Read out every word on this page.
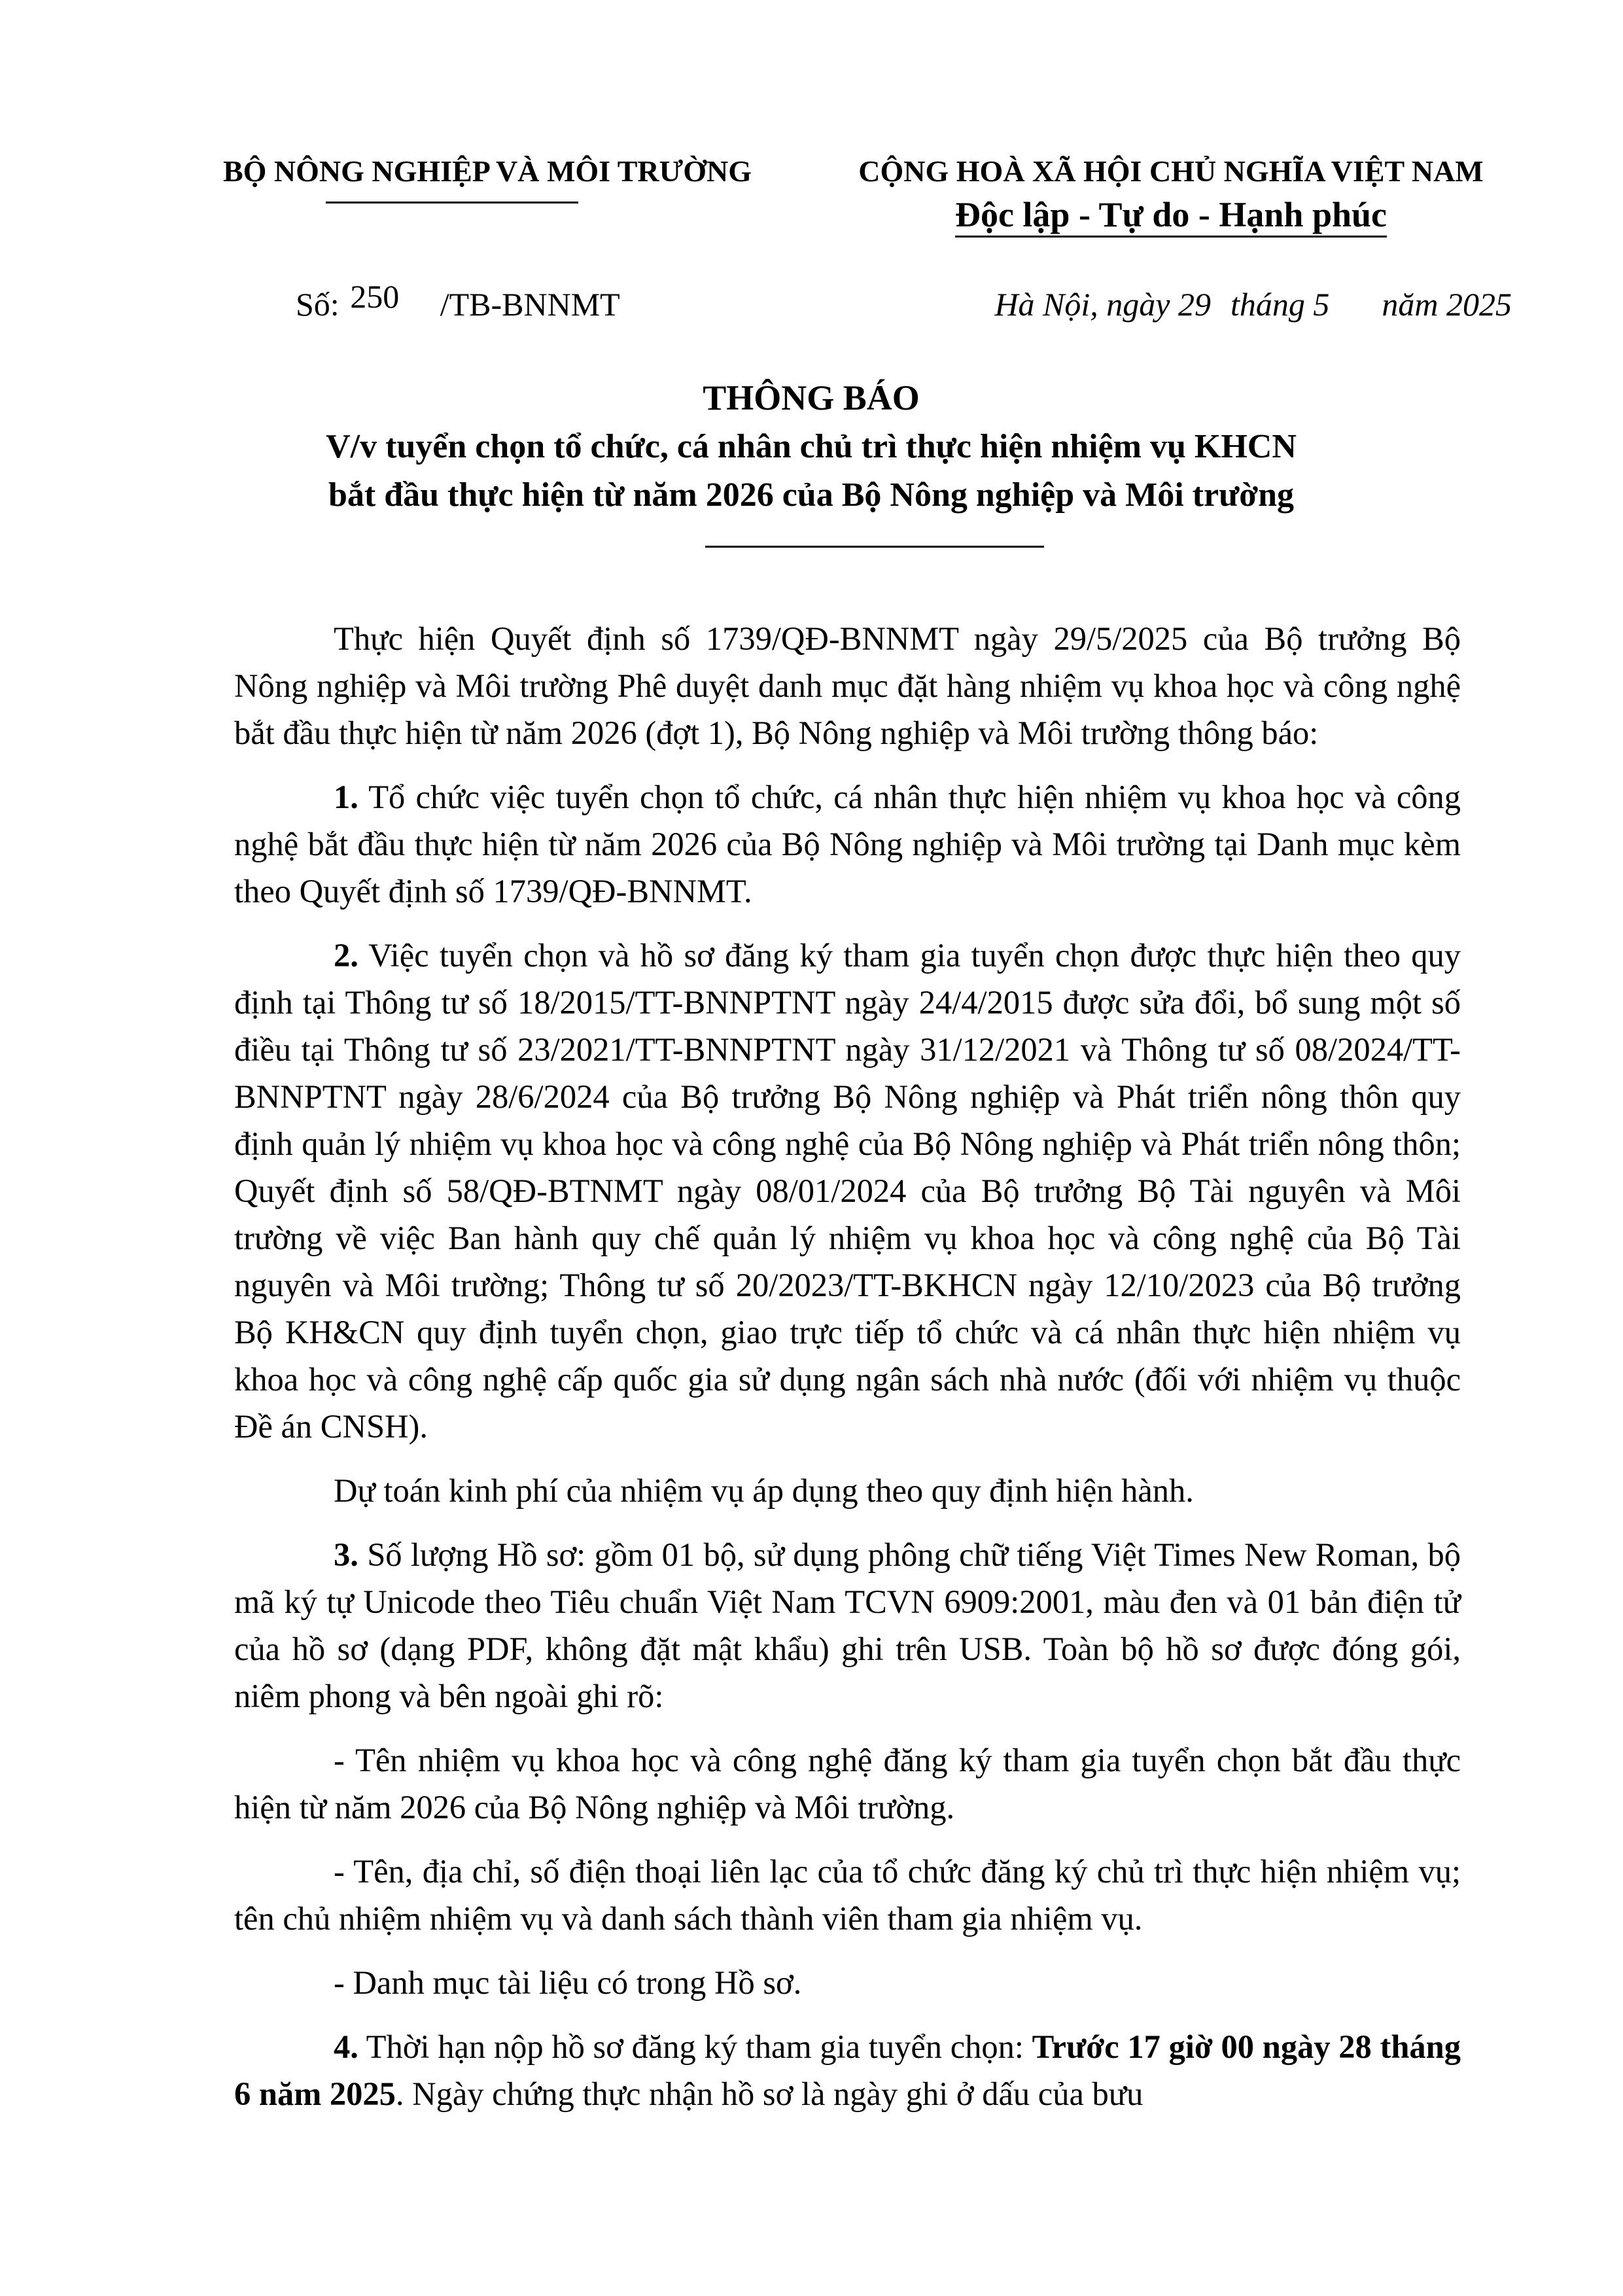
BỘ NÔNG NGHIỆP VÀ MÔI TRƯỜNG	CỘNG HOÀ XÃ HỘI CHỦ NGHĨA VIỆT NAM
Độc lập - Tự do - Hạnh phúc
Số: 250 /TB-BNNMT	Hà Nội, ngày 29 tháng 5 năm 2025
THÔNG BÁO
V/v tuyển chọn tổ chức, cá nhân chủ trì thực hiện nhiệm vụ KHCN
bắt đầu thực hiện từ năm 2026 của Bộ Nông nghiệp và Môi trường

Thực hiện Quyết định số 1739/QĐ-BNNMT ngày 29/5/2025 của Bộ trưởng Bộ Nông nghiệp và Môi trường Phê duyệt danh mục đặt hàng nhiệm vụ khoa học và công nghệ bắt đầu thực hiện từ năm 2026 (đợt 1), Bộ Nông nghiệp và Môi trường thông báo:

1. Tổ chức việc tuyển chọn tổ chức, cá nhân thực hiện nhiệm vụ khoa học và công nghệ bắt đầu thực hiện từ năm 2026 của Bộ Nông nghiệp và Môi trường tại Danh mục kèm theo Quyết định số 1739/QĐ-BNNMT.

2. Việc tuyển chọn và hồ sơ đăng ký tham gia tuyển chọn được thực hiện theo quy định tại Thông tư số 18/2015/TT-BNNPTNT ngày 24/4/2015 được sửa đổi, bổ sung một số điều tại Thông tư số 23/2021/TT-BNNPTNT ngày 31/12/2021 và Thông tư số 08/2024/TT-BNNPTNT ngày 28/6/2024 của Bộ trưởng Bộ Nông nghiệp và Phát triển nông thôn quy định quản lý nhiệm vụ khoa học và công nghệ của Bộ Nông nghiệp và Phát triển nông thôn; Quyết định số 58/QĐ-BTNMT ngày 08/01/2024 của Bộ trưởng Bộ Tài nguyên và Môi trường về việc Ban hành quy chế quản lý nhiệm vụ khoa học và công nghệ của Bộ Tài nguyên và Môi trường; Thông tư số 20/2023/TT-BKHCN ngày 12/10/2023 của Bộ trưởng Bộ KH&CN quy định tuyển chọn, giao trực tiếp tổ chức và cá nhân thực hiện nhiệm vụ khoa học và công nghệ cấp quốc gia sử dụng ngân sách nhà nước (đối với nhiệm vụ thuộc Đề án CNSH).

Dự toán kinh phí của nhiệm vụ áp dụng theo quy định hiện hành.

3. Số lượng Hồ sơ: gồm 01 bộ, sử dụng phông chữ tiếng Việt Times New Roman, bộ mã ký tự Unicode theo Tiêu chuẩn Việt Nam TCVN 6909:2001, màu đen và 01 bản điện tử của hồ sơ (dạng PDF, không đặt mật khẩu) ghi trên USB. Toàn bộ hồ sơ được đóng gói, niêm phong và bên ngoài ghi rõ:

- Tên nhiệm vụ khoa học và công nghệ đăng ký tham gia tuyển chọn bắt đầu thực hiện từ năm 2026 của Bộ Nông nghiệp và Môi trường.

- Tên, địa chỉ, số điện thoại liên lạc của tổ chức đăng ký chủ trì thực hiện nhiệm vụ; tên chủ nhiệm nhiệm vụ và danh sách thành viên tham gia nhiệm vụ.

- Danh mục tài liệu có trong Hồ sơ.

4. Thời hạn nộp hồ sơ đăng ký tham gia tuyển chọn: Trước 17 giờ 00 ngày 28 tháng 6 năm 2025. Ngày chứng thực nhận hồ sơ là ngày ghi ở dấu của bưu
